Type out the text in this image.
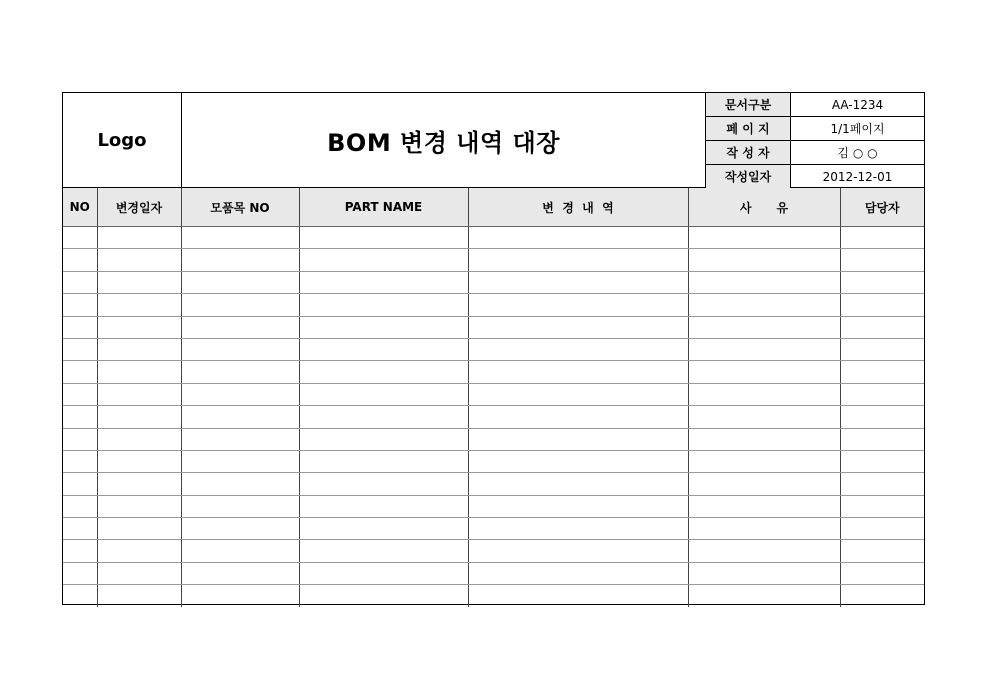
Logo	BOM 변경 내역 대장
문서구분	AA-1234
페 이 지	1/1페이지
작 성 자	김 ○ ○
작성일자	2012-12-01
NO	변경일자	모품목 NO	PART NAME	변  경  내  역	사      유	담당자
